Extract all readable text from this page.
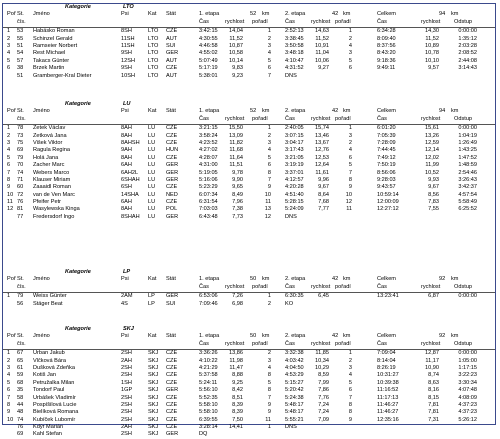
Kategorie	LTO
Poř St. Jméno	Psi	Kat Stát	1. etapa	52 km	2. etapa	42 km	Celkem	94 km
čís.	Čas	rychlost pořadí	Čas	rychlost pořadí	Čas	rychlost Odstup
1 53 Habásko Roman	8SH	LTO CZE	3:42:15 14,04	1	2:52:13 14,63	1	6:34:28	14,30	0:00:00
2 55 Schinzel Gerald	11SH LTO AUT	4:30:55 11,52	2	3:38:45 11,52	2	8:09:40	11,52	1:35:12
3 51 Ramseier Norbert	11SH LTO SUI	4:46:58 10,87	3	3:50:58 10,91	4	8:37:56	10,89	2:03:28
4 54 Rest Michael	9SH	LTO GER	4:55:02 10,58	4	3:48:18 11,04	3	8:43:20	10,78	2:08:52
5 57 Takacs Günter	12SH LTO AUT	5:07:49 10,14	5	4:10:47 10,06	5	9:18:36	10,10	2:44:08
6 38 Brzek Martin	9SH	LTO CZE	5:17:19	9,83	6	4:31:52	9,27	6	9:49:11	9,57	3:14:43
51 Gramberger-Kral Dieter	10SH LTO AUT	5:38:01	9,23	7	DNS
Kategorie	LU
Poř St. Jméno	Psi	Kat Stát	1. etapa	52 km	2. etapa	42 km	Celkem	94 km
čís.	Čas	rychlost pořadí	Čas	rychlost pořadí	Čas	rychlost Odstup
1 78 Zetek Václav	8AH	LU CZE	3:21:15 15,50	1	2:40:05 15,74	1	6:01:20	15,61	0:00:00
2 73 Zetková Jana	8AH	LU CZE	3:58:24 13,09	2	3:07:15 13,46	3	7:05:39	13,26	1:04:19
3 75 Višek Viktor	8AHSH LU CZE	4:23:52 11,82	3	3:04:17 13,67	2	7:28:09	12,59	1:26:49
4 69 Ragula Regina	9AH	LU HUN	4:27:02 11,68	4	3:17:43 12,76	4	7:44:45	12,14	1:43:25
5 79 Holá Jana	8AH	LU CZE	4:28:07 11,64	5	3:21:05 12,53	6	7:49:12	12,02	1:47:52
6 70 Zacher Marc	6AH	LU GER	4:31:00 11,51	6	3:19:19 12,64	5	7:50:19	11,99	1:48:59
7 74 Webers Marco	6AH2L LU GER	5:19:05	9,78	8	3:37:01 11,61	7	8:56:06	10,52	2:54:46
8 71 Klauser Miriam	6SHAH LU GER	5:16:06	9,90	7	4:12:57	9,96	8	9:28:03	9,93	3:26:43
9 60 Zaaaidl Roman	6SH	LU CZE	5:23:29	9,65	9	4:20:28	9,67	9	9:43:57	9,67	3:42:37
10 72 van de Ven Marc	14SHA LU NED	6:07:34	8,49	10	4:51:40	8,64	10	10:59:14	8,56	4:57:54
11 76 Pfeifer Petr	6AH	LU CZE	6:31:54	7,96	11	5:28:15	7,68	12	12:00:09	7,83	5:58:49
12 81 Wasylewska Kinga	8AH	LU POL	7:03:03	7,38	13	5:24:09	7,77	11	12:27:12	7,55	6:25:52
77 Fredersdorf Ingo	8SHAH LU GER	6:43:48	7,73	12	DNS
Kategorie	LP
Poř St. Jméno	Psi	Kat Stát	1. etapa	50 km	2. etapa	42 km	Celkem	92 km
čís.	Čas	rychlost pořadí	Čas	rychlost pořadí	Čas	rychlost Odstup
1 79 Weiss Günter	2AM	LP GER	6:53:06	7,26	1	6:30:35	6,45	13:23:41	6,87	0:00:00
56 Stäger Beat	4S	LP SUI	7:09:46	6,98	2	KO
Kategorie	SKJ
Poř St. Jméno	Psi	Kat Stát	1. etapa	50 km	2. etapa	42 km	Celkem	92 km
čís.	Čas	rychlost pořadí	Čas	rychlost pořadí	Čas	rychlost Odstup
1 67 Urban Jakub	2SH	SKJ CZE	3:36:26 13,86	2	3:32:38 11,85	1	7:09:04	12,87	0:00:00
2 65 Vlčková Bára	2AH	SKJ CZE	4:10:22 11,98	3	4:03:42 10,34	2	8:14:04	11,17	1:05:00
3 61 Dušková Zdeňka	2SH	SKJ CZE	4:21:29 11,47	4	4:04:50 10,29	3	8:26:19	10,90	1:17:15
4 59 Kotiš Jan	2SH	SKJ CZE	5:37:58	8,88	8	4:53:29	8,59	4	10:31:27	8,74	3:22:23
5 68 Petružalka Milan	1SH	SKJ CZE	5:24:11	9,25	5	5:15:27	7,99	5	10:39:38	8,63	3:30:34
6 35 Tondorf Paul	1GP	SKJ GER	5:56:10	8,42	8	5:20:42	7,86	6	11:16:52	8,16	4:07:48
7 58 Urbášek Vladimír	2SH	SKJ CZE	5:52:35	8,51	7	5:24:38	7,76	7	11:17:13	8,15	4:08:09
8 44 Pospíšilová Lucie	2SH	SKJ CZE	5:58:10	8,39	9	5:48:17	7,24	8	11:46:27	7,81	4:37:23
9 48 Bielíková Romana	2SH	SKJ CZE	5:58:10	8,39	9	5:48:17	7,24	8	11:46:27	7,81	4:37:23
10 74 Kubíček Lubomír	2SH	SKJ CZE	6:39:55	7,50	11	5:55:21	7,09	9	12:35:16	7,31	5:26:12
76 Kdýr Marián	2AH	SKJ CZE	3:28:14 14,41	1	DNS
69 Kahl Stefan	2SH	SKJ GER	DQ
